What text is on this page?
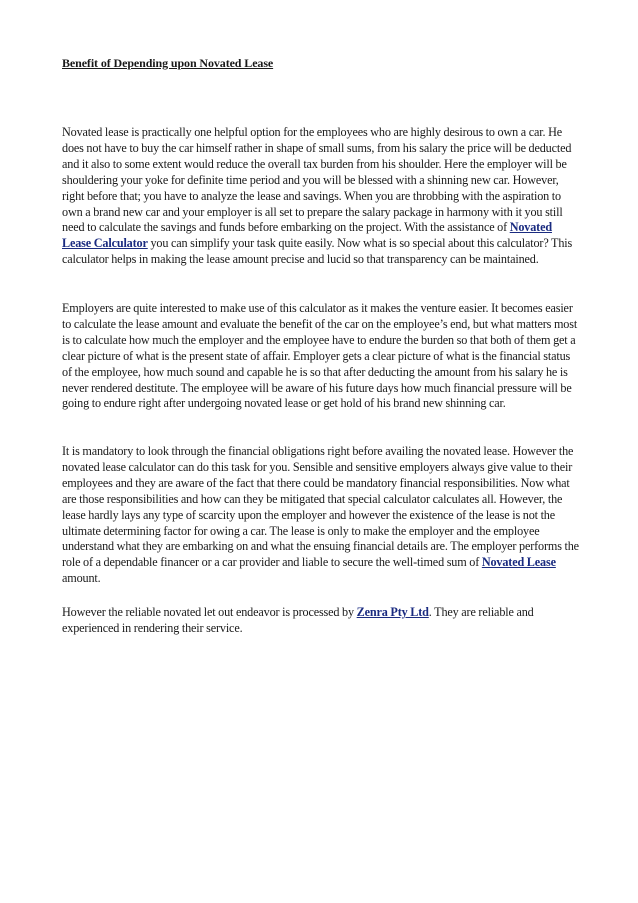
Benefit of Depending upon Novated Lease

Novated lease is practically one helpful option for the employees who are highly desirous to own a car. He does not have to buy the car himself rather in shape of small sums, from his salary the price will be deducted and it also to some extent would reduce the overall tax burden from his shoulder. Here the employer will be shouldering your yoke for definite time period and you will be blessed with a shinning new car. However, right before that; you have to analyze the lease and savings. When you are throbbing with the aspiration to own a brand new car and your employer is all set to prepare the salary package in harmony with it you still need to calculate the savings and funds before embarking on the project. With the assistance of Novated Lease Calculator you can simplify your task quite easily. Now what is so special about this calculator? This calculator helps in making the lease amount precise and lucid so that transparency can be maintained.

Employers are quite interested to make use of this calculator as it makes the venture easier. It becomes easier to calculate the lease amount and evaluate the benefit of the car on the employee’s end, but what matters most is to calculate how much the employer and the employee have to endure the burden so that both of them get a clear picture of what is the present state of affair. Employer gets a clear picture of what is the financial status of the employee, how much sound and capable he is so that after deducting the amount from his salary he is never rendered destitute. The employee will be aware of his future days how much financial pressure will be going to endure right after undergoing novated lease or get hold of his brand new shinning car.

It is mandatory to look through the financial obligations right before availing the novated lease. However the novated lease calculator can do this task for you. Sensible and sensitive employers always give value to their employees and they are aware of the fact that there could be mandatory financial responsibilities. Now what are those responsibilities and how can they be mitigated that special calculator calculates all. However, the lease hardly lays any type of scarcity upon the employer and however the existence of the lease is not the ultimate determining factor for owing a car. The lease is only to make the employer and the employee understand what they are embarking on and what the ensuing financial details are. The employer performs the role of a dependable financer or a car provider and liable to secure the well-timed sum of Novated Lease amount.

However the reliable novated let out endeavor is processed by Zenra Pty Ltd. They are reliable and experienced in rendering their service.
